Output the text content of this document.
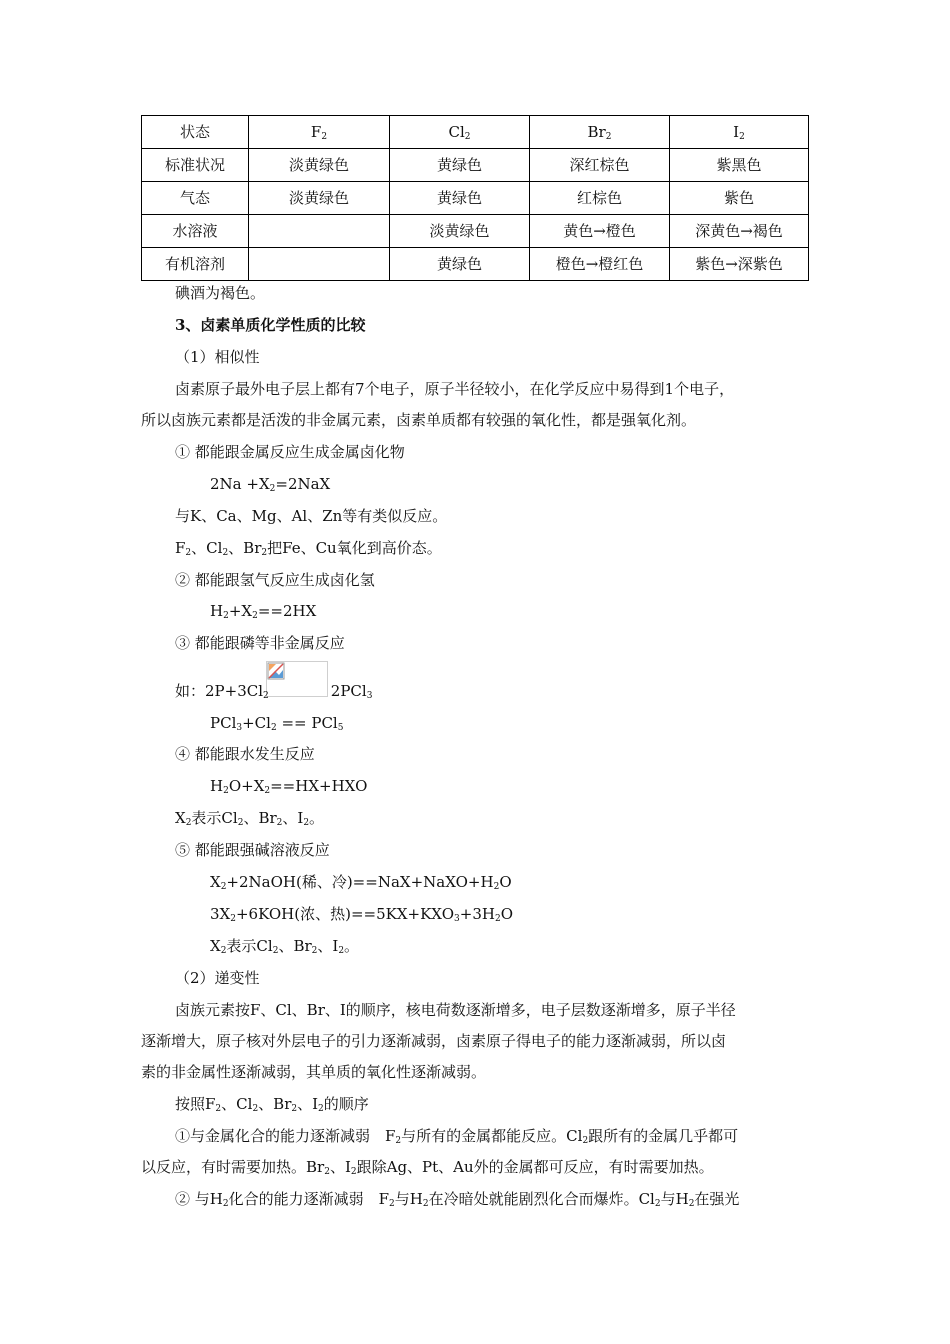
状态	$F_2$	$Cl_2$	$Br_2$	$I_2$
标准状况	淡黄绿色	黄绿色	深红棕色	紫黑色
气态	淡黄绿色	黄绿色	红棕色	紫色
水溶液		淡黄绿色	黄色→橙色	深黄色→褐色
有机溶剂		黄绿色	橙色→橙红色	紫色→深紫色
碘酒为褐色。
3、卤素单质化学性质的比较
（1）相似性
卤素原子最外电子层上都有7个电子，原子半径较小，在化学反应中易得到1个电子，
所以卤族元素都是活泼的非金属元素，卤素单质都有较强的氧化性，都是强氧化剂。
① 都能跟金属反应生成金属卤化物
$2Na +X_2=2NaX$
与K、Ca、Mg、Al、Zn等有类似反应。
$F_2$、$Cl_2$、$Br_2$把Fe、Cu氧化到高价态。
② 都能跟氢气反应生成卤化氢
$H_2+X_2==2HX$
③ 都能跟磷等非金属反应
如：$2P+3Cl_2$	2PCl$_3$
$PCl_3+Cl_2 == PCl_5$
④ 都能跟水发生反应
$H_2O+X_2==HX+HXO$
$X_2$表示$Cl_2$、$Br_2$、$I_2$。
⑤ 都能跟强碱溶液反应
$X_2+2NaOH$(稀、冷)$==NaX+NaXO+H_2O$
$3X_2+6KOH$(浓、热)$==5KX+KXO_3+3H_2O$
$X_2$表示$Cl_2$、$Br_2$、$I_2$。
（2）递变性
卤族元素按F、Cl、Br、I的顺序，核电荷数逐渐增多，电子层数逐渐增多，原子半径
逐渐增大，原子核对外层电子的引力逐渐减弱，卤素原子得电子的能力逐渐减弱，所以卤
素的非金属性逐渐减弱，其单质的氧化性逐渐减弱。
按照$F_2$、$Cl_2$、$Br_2$、$I_2$的顺序
①与金属化合的能力逐渐减弱　$F_2$与所有的金属都能反应。$Cl_2$跟所有的金属几乎都可
以反应，有时需要加热。$Br_2$、$I_2$跟除Ag、Pt、Au外的金属都可反应，有时需要加热。
② 与$H_2$化合的能力逐渐减弱　$F_2$与$H_2$在冷暗处就能剧烈化合而爆炸。$Cl_2$与$H_2$在强光
